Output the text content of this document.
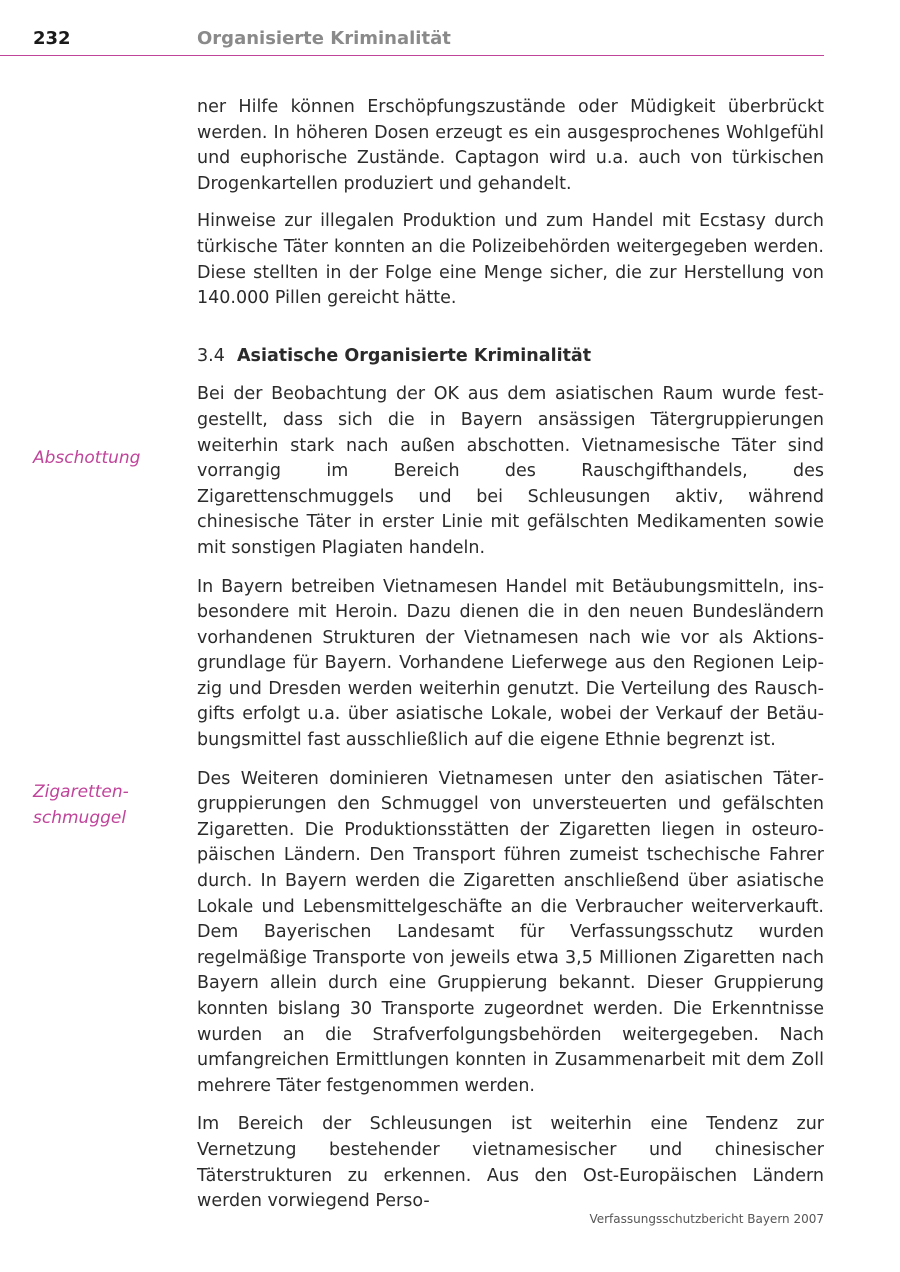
232	Organisierte Kriminalität

Abschottung

Zigaretten-

schmuggel

ner Hilfe können Erschöpfungszustände oder Müdigkeit überbrückt werden. In höheren Dosen erzeugt es ein ausgesprochenes Wohlgefühl und euphorische Zustände. Captagon wird u.a. auch von türkischen Drogenkartellen produziert und gehandelt.

Hinweise zur illegalen Produktion und zum Handel mit Ecstasy durch türkische Täter konnten an die Polizeibehörden weitergegeben werden. Diese stellten in der Folge eine Menge sicher, die zur Herstellung von 140.000 Pillen gereicht hätte.

3.4 Asiatische Organisierte Kriminalität

Bei der Beobachtung der OK aus dem asiatischen Raum wurde festgestellt, dass sich die in Bayern ansässigen Tätergruppierungen weiterhin stark nach außen abschotten. Vietnamesische Täter sind vorrangig im Bereich des Rauschgifthandels, des Zigarettenschmuggels und bei Schleusungen aktiv, während chinesische Täter in erster Linie mit gefälschten Medikamenten sowie mit sonstigen Plagiaten handeln.

In Bayern betreiben Vietnamesen Handel mit Betäubungsmitteln, insbesondere mit Heroin. Dazu dienen die in den neuen Bundesländern vorhandenen Strukturen der Vietnamesen nach wie vor als Aktionsgrundlage für Bayern. Vorhandene Lieferwege aus den Regionen Leipzig und Dresden werden weiterhin genutzt. Die Verteilung des Rauschgifts erfolgt u.a. über asiatische Lokale, wobei der Verkauf der Betäubungsmittel fast ausschließlich auf die eigene Ethnie begrenzt ist.

Des Weiteren dominieren Vietnamesen unter den asiatischen Tätergruppierungen den Schmuggel von unversteuerten und gefälschten Zigaretten. Die Produktionsstätten der Zigaretten liegen in osteuropäischen Ländern. Den Transport führen zumeist tschechische Fahrer durch. In Bayern werden die Zigaretten anschließend über asiatische Lokale und Lebensmittelgeschäfte an die Verbraucher weiterverkauft. Dem Bayerischen Landesamt für Verfassungsschutz wurden regelmäßige Transporte von jeweils etwa 3,5 Millionen Zigaretten nach Bayern allein durch eine Gruppierung bekannt. Dieser Gruppierung konnten bislang 30 Transporte zugeordnet werden. Die Erkenntnisse wurden an die Strafverfolgungsbehörden weitergegeben. Nach umfangreichen Ermittlungen konnten in Zusammenarbeit mit dem Zoll mehrere Täter festgenommen werden.

Im Bereich der Schleusungen ist weiterhin eine Tendenz zur Vernetzung bestehender vietnamesischer und chinesischer Täterstrukturen zu erkennen. Aus den Ost-Europäischen Ländern werden vorwiegend Perso-

Verfassungsschutzbericht Bayern 2007
